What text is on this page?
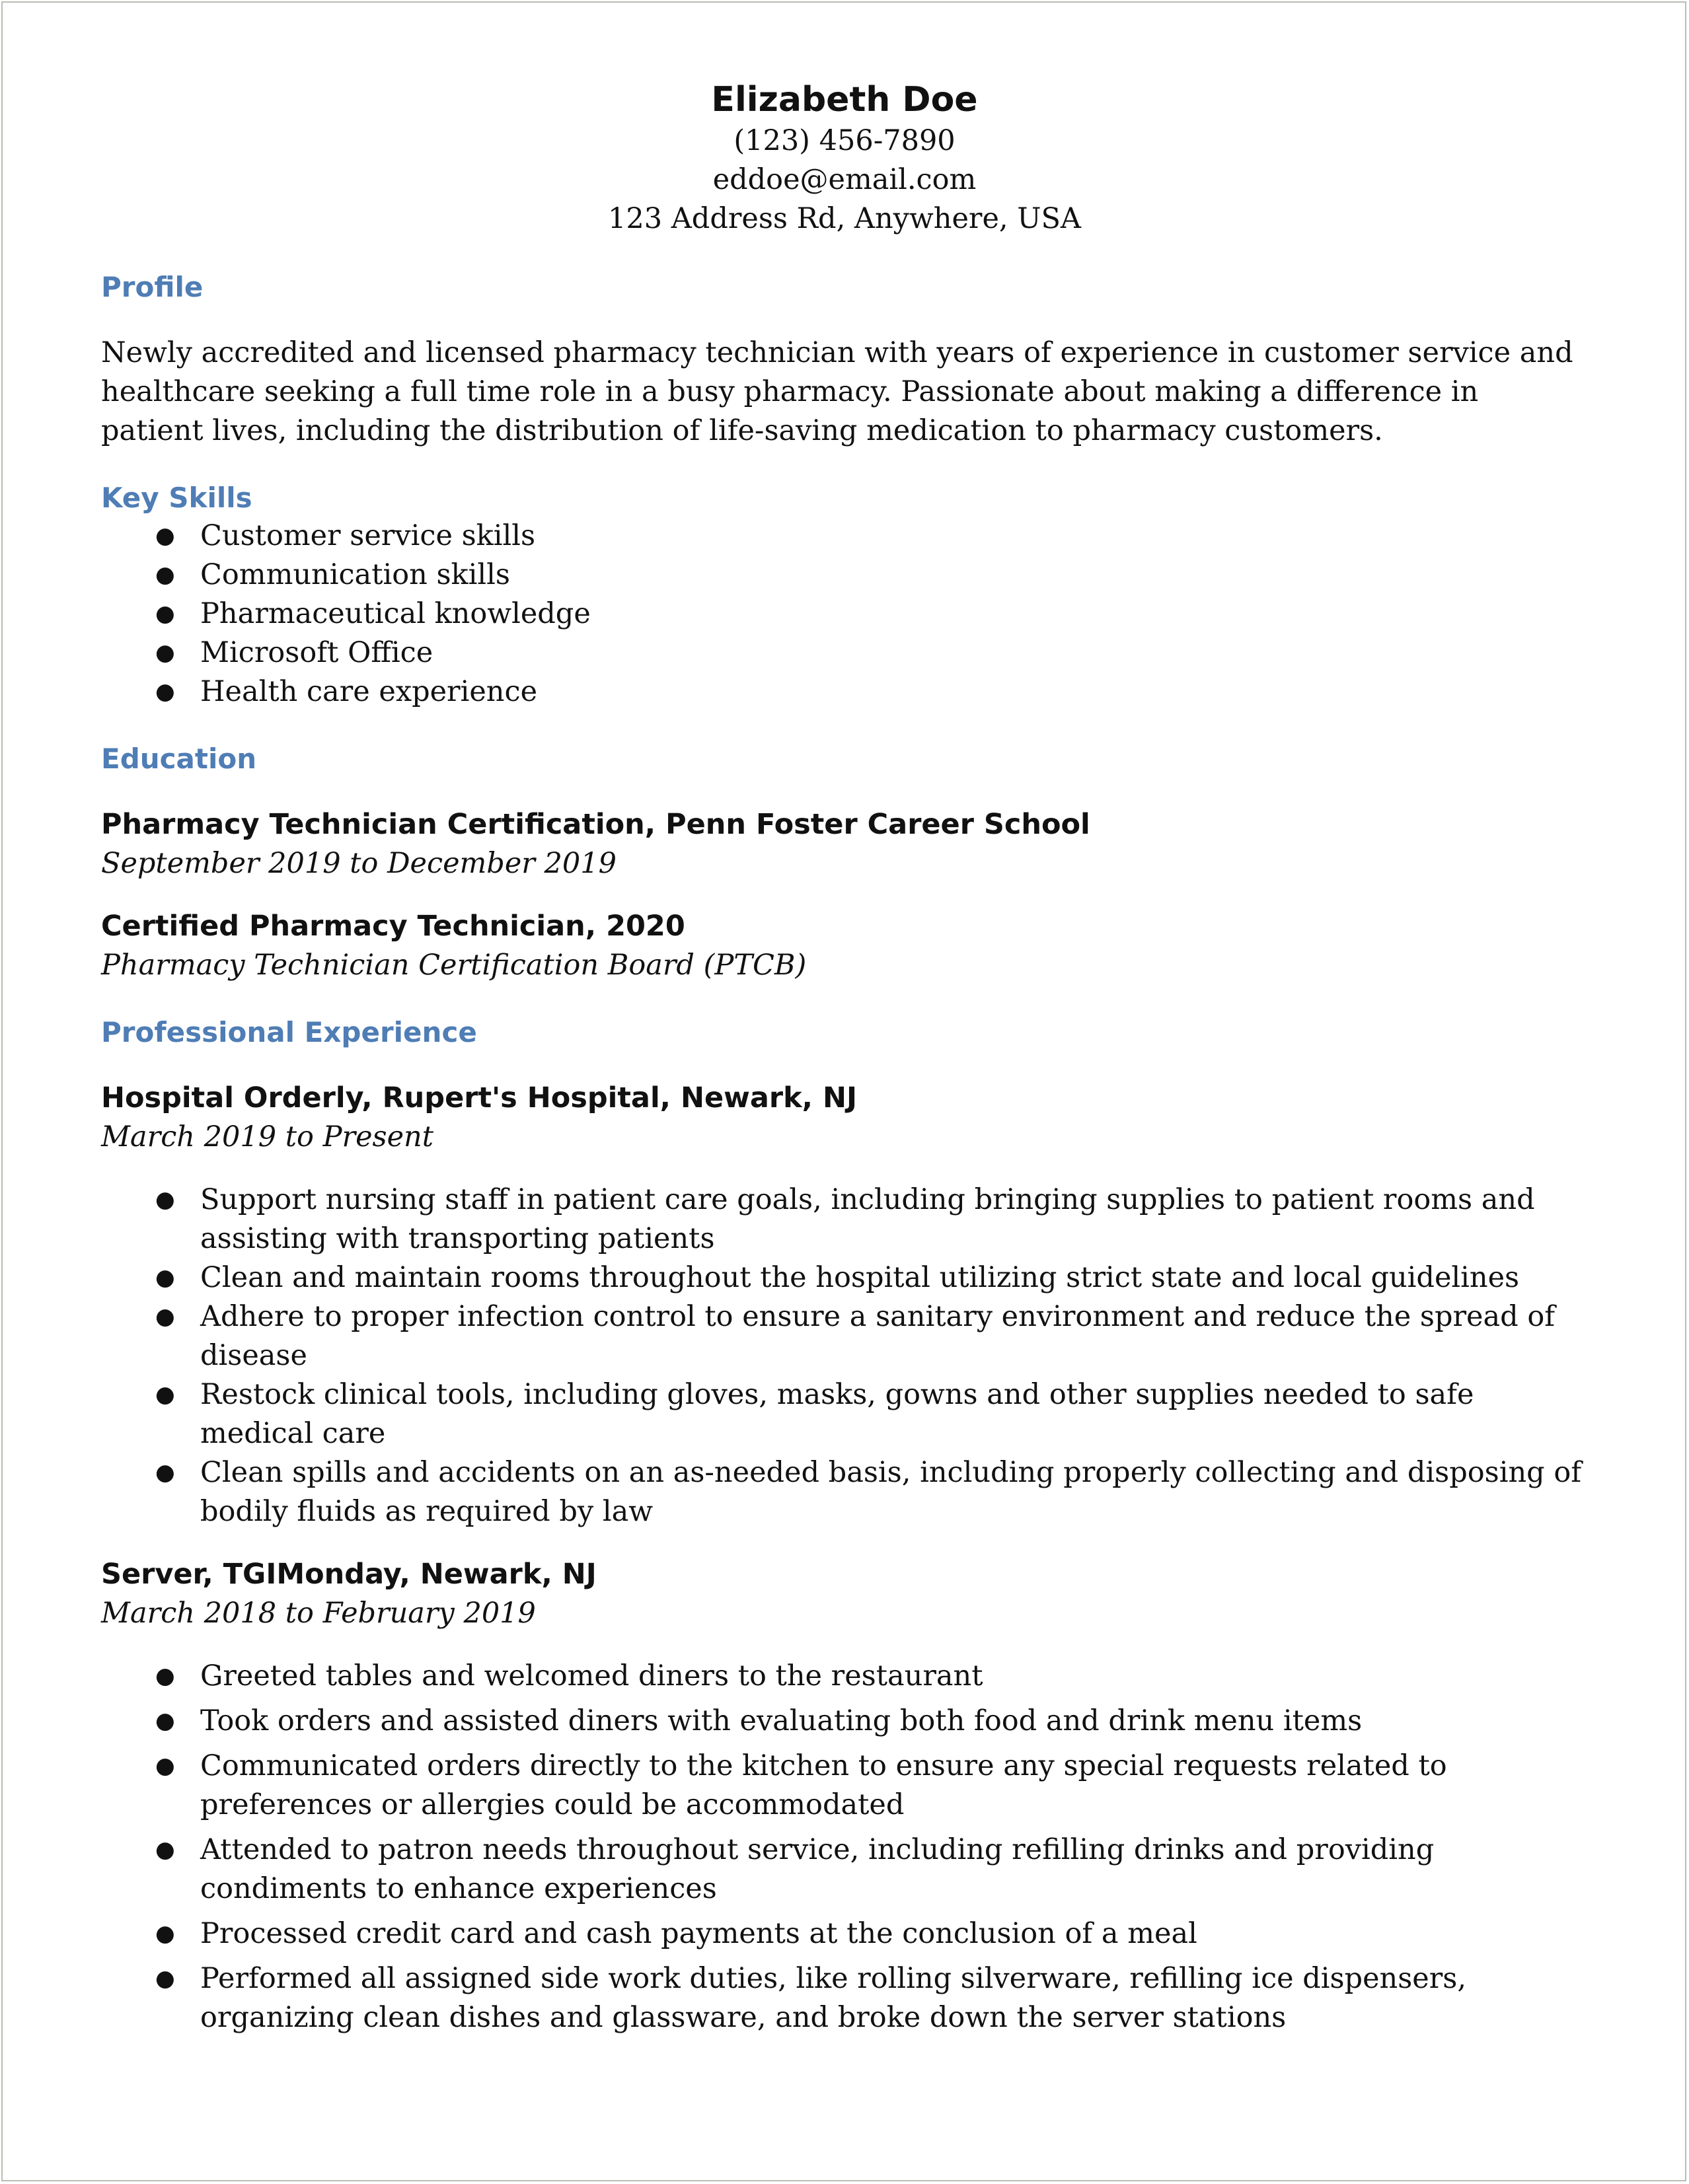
Elizabeth Doe

(123) 456-7890

eddoe@email.com

123 Address Rd, Anywhere, USA

Profile

Newly accredited and licensed pharmacy technician with years of experience in customer service and healthcare seeking a full time role in a busy pharmacy. Passionate about making a difference in patient lives, including the distribution of life-saving medication to pharmacy customers.

Key Skills

● Customer service skills
● Communication skills
● Pharmaceutical knowledge
● Microsoft Office
● Health care experience

Education

Pharmacy Technician Certification, Penn Foster Career School

September 2019 to December 2019

Certified Pharmacy Technician, 2020

Pharmacy Technician Certification Board (PTCB)

Professional Experience

Hospital Orderly, Rupert's Hospital, Newark, NJ

March 2019 to Present

● Support nursing staff in patient care goals, including bringing supplies to patient rooms and assisting with transporting patients
● Clean and maintain rooms throughout the hospital utilizing strict state and local guidelines
● Adhere to proper infection control to ensure a sanitary environment and reduce the spread of disease
● Restock clinical tools, including gloves, masks, gowns and other supplies needed to safe medical care
● Clean spills and accidents on an as-needed basis, including properly collecting and disposing of bodily fluids as required by law

Server, TGIMonday, Newark, NJ

March 2018 to February 2019

● Greeted tables and welcomed diners to the restaurant
● Took orders and assisted diners with evaluating both food and drink menu items
● Communicated orders directly to the kitchen to ensure any special requests related to preferences or allergies could be accommodated
● Attended to patron needs throughout service, including refilling drinks and providing condiments to enhance experiences
● Processed credit card and cash payments at the conclusion of a meal
● Performed all assigned side work duties, like rolling silverware, refilling ice dispensers, organizing clean dishes and glassware, and broke down the server stations
